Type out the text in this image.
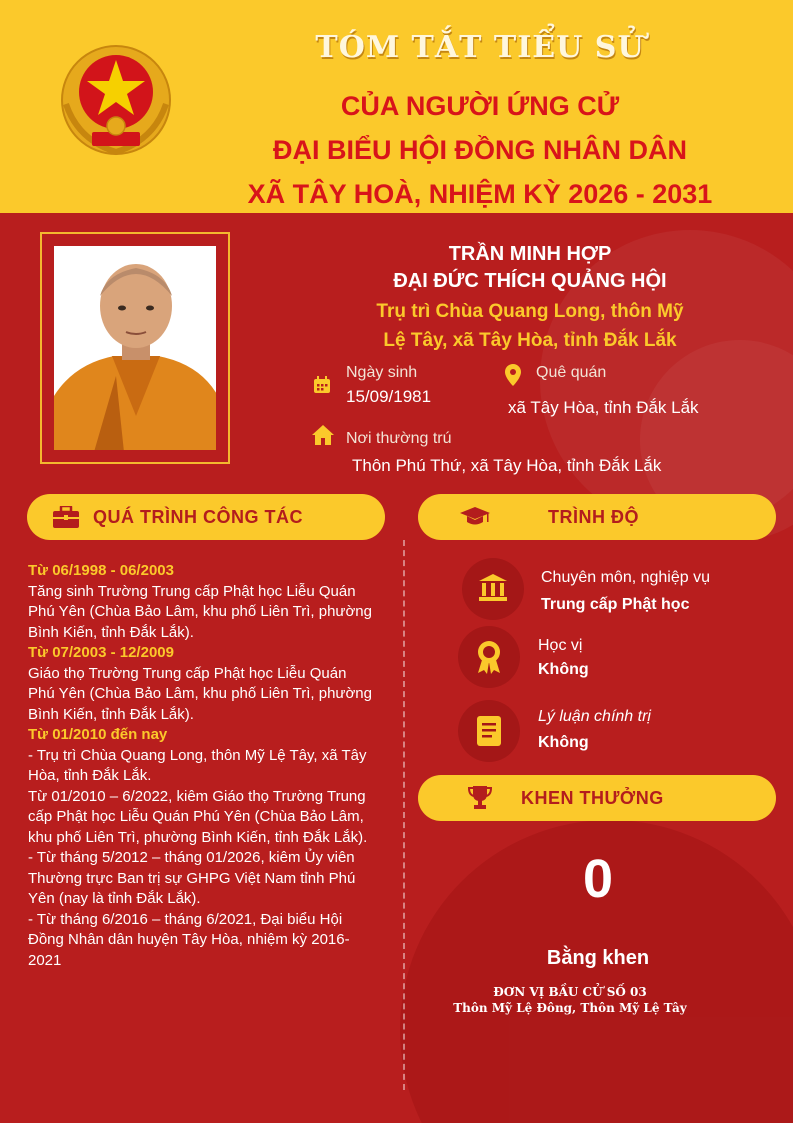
TÓM TẮT TIỂU SỬ
CỦA NGƯỜI ỨNG CỬ
ĐẠI BIỂU HỘI ĐỒNG NHÂN DÂN
XÃ TÂY HOÀ, NHIỆM KỲ 2026 - 2031
TRẦN MINH HỢP
ĐẠI ĐỨC THÍCH QUẢNG HỘI
Trụ trì Chùa Quang Long, thôn Mỹ
Lệ Tây, xã Tây Hòa, tỉnh Đắk Lắk
Ngày sinh
15/09/1981
Quê quán
xã Tây Hòa, tỉnh Đắk Lắk
Nơi thường trú
Thôn Phú Thứ, xã Tây Hòa, tỉnh Đắk Lắk
QUÁ TRÌNH CÔNG TÁC

Từ 06/1998 - 06/2003

Tăng sinh Trường Trung cấp Phật học Liễu Quán Phú Yên (Chùa Bảo Lâm, khu phố Liên Trì, phường Bình Kiến, tỉnh Đắk Lắk).

Từ 07/2003 - 12/2009

Giáo thọ Trường Trung cấp Phật học Liễu Quán Phú Yên (Chùa Bảo Lâm, khu phố Liên Trì, phường Bình Kiến, tỉnh Đắk Lắk).

Từ 01/2010 đến nay

- Trụ trì Chùa Quang Long, thôn Mỹ Lệ Tây, xã Tây Hòa, tỉnh Đắk Lắk.
Từ 01/2010 – 6/2022, kiêm Giáo thọ Trường Trung cấp Phật học Liễu Quán Phú Yên (Chùa Bảo Lâm, khu phố Liên Trì, phường Bình Kiến, tỉnh Đắk Lắk).
- Từ tháng 5/2012 – tháng 01/2026, kiêm Ủy viên Thường trực Ban trị sự GHPG Việt Nam tỉnh Phú Yên (nay là tỉnh Đắk Lắk).
- Từ tháng 6/2016 – tháng 6/2021, Đại biểu Hội Đồng Nhân dân huyện Tây Hòa, nhiệm kỳ 2016-2021

TRÌNH ĐỘ
Chuyên môn, nghiệp vụ
Trung cấp Phật học
Học vị
Không
Lý luận chính trị
Không
KHEN THƯỞNG
0
Bằng khen
ĐƠN VỊ BẦU CỬ SỐ 03
Thôn Mỹ Lệ Đông, Thôn Mỹ Lệ Tây
